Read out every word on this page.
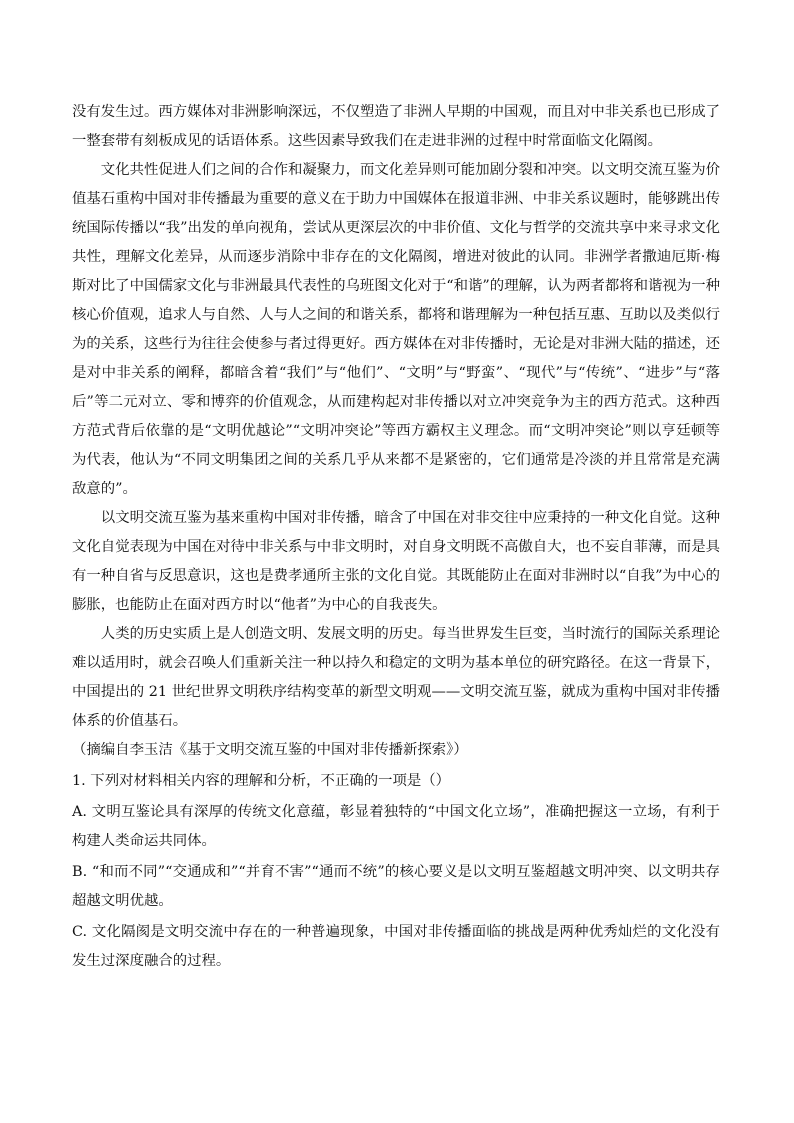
没有发生过。西方媒体对非洲影响深远，不仅塑造了非洲人早期的中国观，而且对中非关系也已形成了一整套带有刻板成见的话语体系。这些因素导致我们在走进非洲的过程中时常面临文化隔阂。

文化共性促进人们之间的合作和凝聚力，而文化差异则可能加剧分裂和冲突。以文明交流互鉴为价值基石重构中国对非传播最为重要的意义在于助力中国媒体在报道非洲、中非关系议题时，能够跳出传统国际传播以“我”出发的单向视角，尝试从更深层次的中非价值、文化与哲学的交流共享中来寻求文化共性，理解文化差异，从而逐步消除中非存在的文化隔阂，增进对彼此的认同。非洲学者撒迪厄斯·梅斯对比了中国儒家文化与非洲最具代表性的乌班图文化对于“和谐”的理解，认为两者都将和谐视为一种核心价值观，追求人与自然、人与人之间的和谐关系，都将和谐理解为一种包括互惠、互助以及类似行为的关系，这些行为往往会使参与者过得更好。西方媒体在对非传播时，无论是对非洲大陆的描述，还是对中非关系的阐释，都暗含着“我们”与“他们”、“文明”与“野蛮”、“现代”与“传统”、“进步”与“落后”等二元对立、零和博弈的价值观念，从而建构起对非传播以对立冲突竞争为主的西方范式。这种西方范式背后依靠的是“文明优越论”“文明冲突论”等西方霸权主义理念。而“文明冲突论”则以亨廷顿等为代表，他认为“不同文明集团之间的关系几乎从来都不是紧密的，它们通常是冷淡的并且常常是充满敌意的”。

以文明交流互鉴为基来重构中国对非传播，暗含了中国在对非交往中应秉持的一种文化自觉。这种文化自觉表现为中国在对待中非关系与中非文明时，对自身文明既不高傲自大，也不妄自菲薄，而是具有一种自省与反思意识，这也是费孝通所主张的文化自觉。其既能防止在面对非洲时以“自我”为中心的膨胀，也能防止在面对西方时以“他者”为中心的自我丧失。

人类的历史实质上是人创造文明、发展文明的历史。每当世界发生巨变，当时流行的国际关系理论难以适用时，就会召唤人们重新关注一种以持久和稳定的文明为基本单位的研究路径。在这一背景下，中国提出的 21 世纪世界文明秩序结构变革的新型文明观——文明交流互鉴，就成为重构中国对非传播体系的价值基石。

（摘编自李玉洁《基于文明交流互鉴的中国对非传播新探索》）

1. 下列对材料相关内容的理解和分析，不正确的一项是（）

A. 文明互鉴论具有深厚的传统文化意蕴，彰显着独特的“中国文化立场”，准确把握这一立场，有利于构建人类命运共同体。

B. “和而不同”“交通成和”“并育不害”“通而不统”的核心要义是以文明互鉴超越文明冲突、以文明共存超越文明优越。

C. 文化隔阂是文明交流中存在的一种普遍现象，中国对非传播面临的挑战是两种优秀灿烂的文化没有发生过深度融合的过程。
